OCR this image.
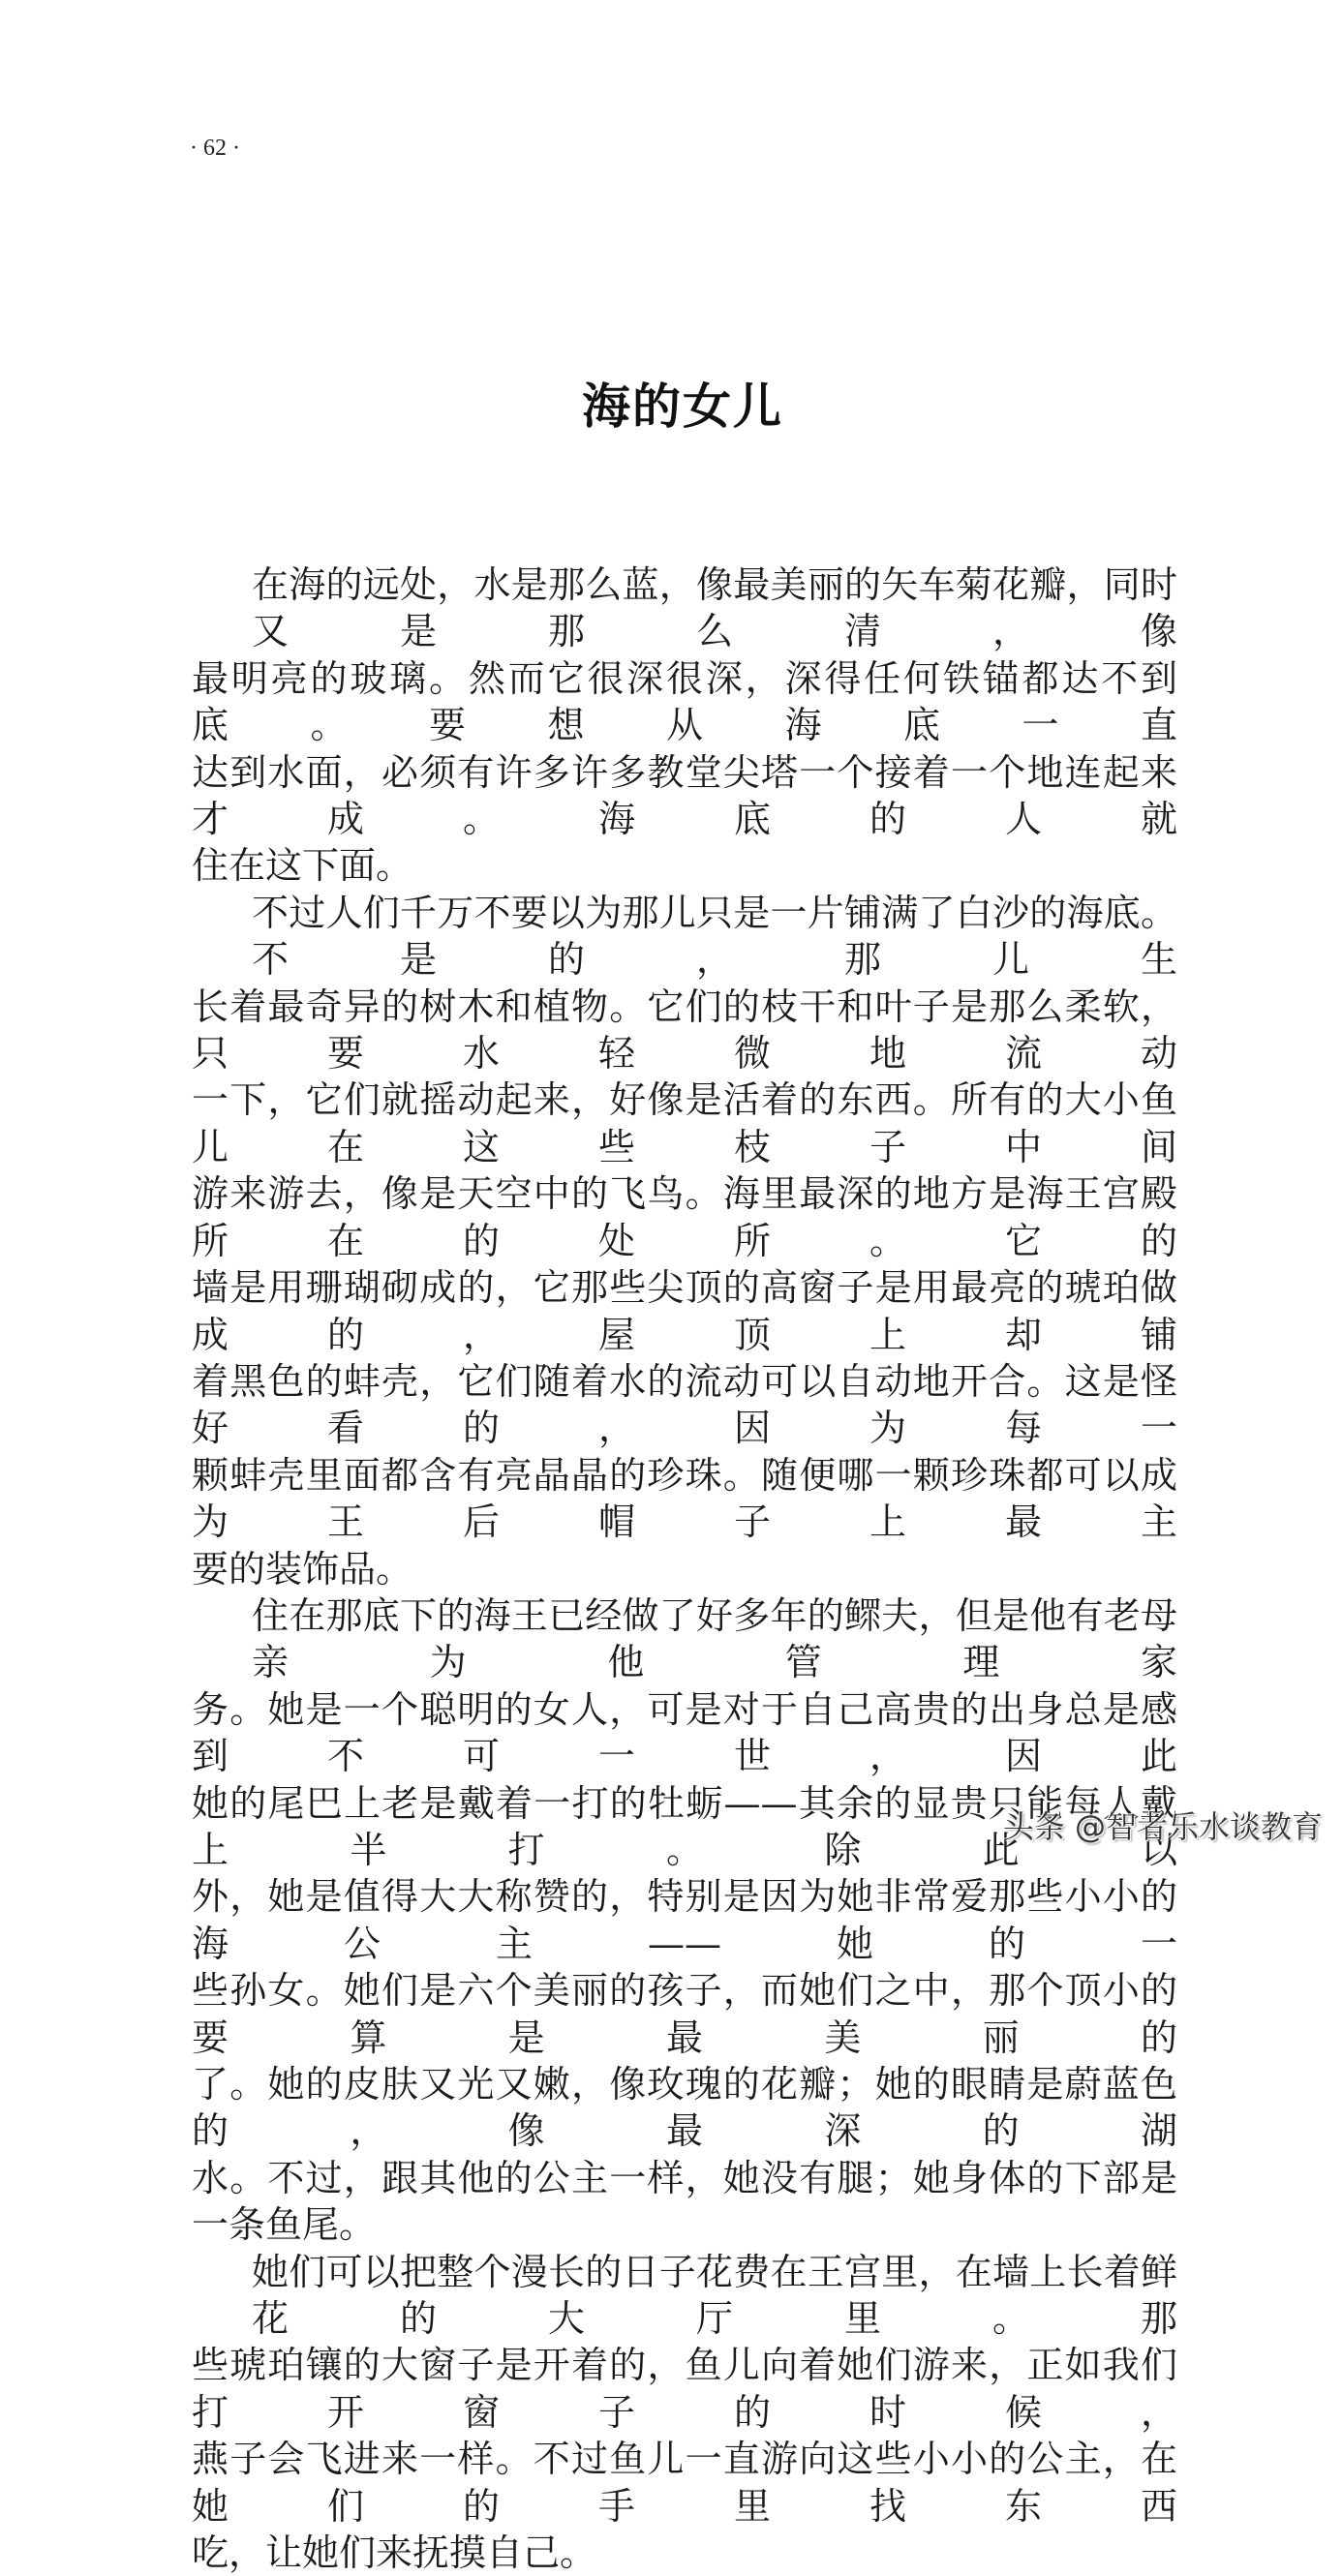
· 62 ·
海的女儿
在海的远处，水是那么蓝，像最美丽的矢车菊花瓣，同时又是那么清，像
最明亮的玻璃。然而它很深很深，深得任何铁锚都达不到底。要想从海底一直
达到水面，必须有许多许多教堂尖塔一个接着一个地连起来才成。海底的人就
住在这下面。
不过人们千万不要以为那儿只是一片铺满了白沙的海底。不是的，那儿生
长着最奇异的树木和植物。它们的枝干和叶子是那么柔软，只要水轻微地流动
一下，它们就摇动起来，好像是活着的东西。所有的大小鱼儿在这些枝子中间
游来游去，像是天空中的飞鸟。海里最深的地方是海王宫殿所在的处所。它的
墙是用珊瑚砌成的，它那些尖顶的高窗子是用最亮的琥珀做成的，屋顶上却铺
着黑色的蚌壳，它们随着水的流动可以自动地开合。这是怪好看的，因为每一
颗蚌壳里面都含有亮晶晶的珍珠。随便哪一颗珍珠都可以成为王后帽子上最主
要的装饰品。
住在那底下的海王已经做了好多年的鳏夫，但是他有老母亲为他管理家
务。她是一个聪明的女人，可是对于自己高贵的出身总是感到不可一世，因此
她的尾巴上老是戴着一打的牡蛎——其余的显贵只能每人戴上半打。除此以
外，她是值得大大称赞的，特别是因为她非常爱那些小小的海公主——她的一
些孙女。她们是六个美丽的孩子，而她们之中，那个顶小的要算是最美丽的
了。她的皮肤又光又嫩，像玫瑰的花瓣；她的眼睛是蔚蓝色的，像最深的湖
水。不过，跟其他的公主一样，她没有腿；她身体的下部是一条鱼尾。
她们可以把整个漫长的日子花费在王宫里，在墙上长着鲜花的大厅里。那
些琥珀镶的大窗子是开着的，鱼儿向着她们游来，正如我们打开窗子的时候，
燕子会飞进来一样。不过鱼儿一直游向这些小小的公主，在她们的手里找东西
吃，让她们来抚摸自己。
头条 @智者乐水谈教育
